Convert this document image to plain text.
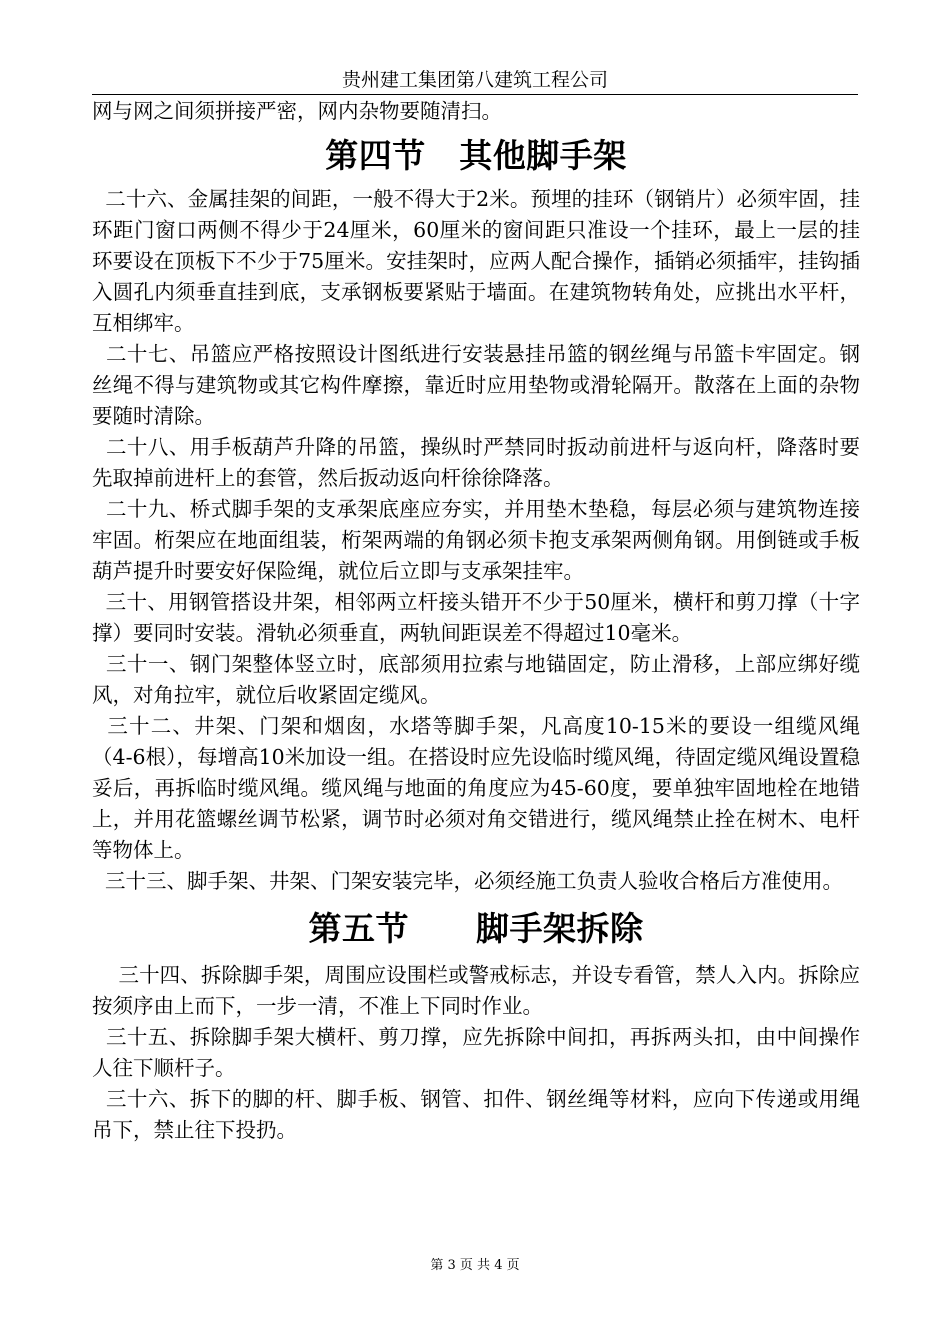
贵州建工集团第八建筑工程公司

网与网之间须拼接严密，网内杂物要随清扫。

第四节　其他脚手架

二十六、金属挂架的间距，一般不得大于2米。预埋的挂环（钢销片）必须牢固，挂环距门窗口两侧不得少于24厘米，60厘米的窗间距只准设一个挂环，最上一层的挂环要设在顶板下不少于75厘米。安挂架时，应两人配合操作，插销必须插牢，挂钩插入圆孔内须垂直挂到底，支承钢板要紧贴于墙面。在建筑物转角处，应挑出水平杆，互相绑牢。

二十七、吊篮应严格按照设计图纸进行安装悬挂吊篮的钢丝绳与吊篮卡牢固定。钢丝绳不得与建筑物或其它构件摩擦，靠近时应用垫物或滑轮隔开。散落在上面的杂物要随时清除。

二十八、用手板葫芦升降的吊篮，操纵时严禁同时扳动前进杆与返向杆，降落时要先取掉前进杆上的套管，然后扳动返向杆徐徐降落。

二十九、桥式脚手架的支承架底座应夯实，并用垫木垫稳，每层必须与建筑物连接牢固。桁架应在地面组装，桁架两端的角钢必须卡抱支承架两侧角钢。用倒链或手板葫芦提升时要安好保险绳，就位后立即与支承架挂牢。

三十、用钢管搭设井架，相邻两立杆接头错开不少于50厘米，横杆和剪刀撑（十字撑）要同时安装。滑轨必须垂直，两轨间距误差不得超过10毫米。

三十一、钢门架整体竖立时，底部须用拉索与地锚固定，防止滑移，上部应绑好缆风，对角拉牢，就位后收紧固定缆风。

三十二、井架、门架和烟囱，水塔等脚手架，凡高度10-15米的要设一组缆风绳（4-6根），每增高10米加设一组。在搭设时应先设临时缆风绳，待固定缆风绳设置稳妥后，再拆临时缆风绳。缆风绳与地面的角度应为45-60度，要单独牢固地栓在地错上，并用花篮螺丝调节松紧，调节时必须对角交错进行，缆风绳禁止拴在树木、电杆等物体上。

三十三、脚手架、井架、门架安装完毕，必须经施工负责人验收合格后方准使用。

第五节　　脚手架拆除

三十四、拆除脚手架，周围应设围栏或警戒标志，并设专看管，禁人入内。拆除应按须序由上而下，一步一清，不准上下同时作业。

三十五、拆除脚手架大横杆、剪刀撑，应先拆除中间扣，再拆两头扣，由中间操作人往下顺杆子。

三十六、拆下的脚的杆、脚手板、钢管、扣件、钢丝绳等材料，应向下传递或用绳吊下，禁止往下投扔。

第 3 页 共 4 页
